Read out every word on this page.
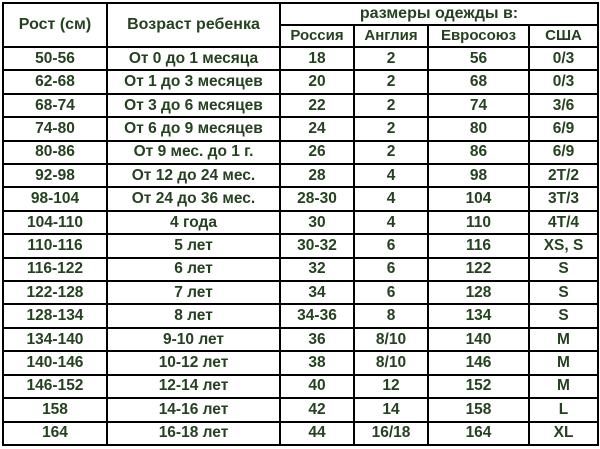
Рост (см)	Возраст ребенка	размеры одежды в:			
		Россия	Англия	Евросоюз	США
50-56	От 0 до 1 месяца	18	2	56	0/3
62-68	От 1 до 3 месяцев	20	2	68	0/3
68-74	От 3 до 6 месяцев	22	2	74	3/6
74-80	От 6 до 9 месяцев	24	2	80	6/9
80-86	От 9 мес. до 1 г.	26	2	86	6/9
92-98	От 12 до 24 мес.	28	4	98	2T/2
98-104	От 24 до 36 мес.	28-30	4	104	3T/3
104-110	4 года	30	4	110	4T/4
110-116	5 лет	30-32	6	116	XS, S
116-122	6 лет	32	6	122	S
122-128	7 лет	34	6	128	S
128-134	8 лет	34-36	8	134	S
134-140	9-10 лет	36	8/10	140	M
140-146	10-12 лет	38	8/10	146	M
146-152	12-14 лет	40	12	152	M
158	14-16 лет	42	14	158	L
164	16-18 лет	44	16/18	164	XL
